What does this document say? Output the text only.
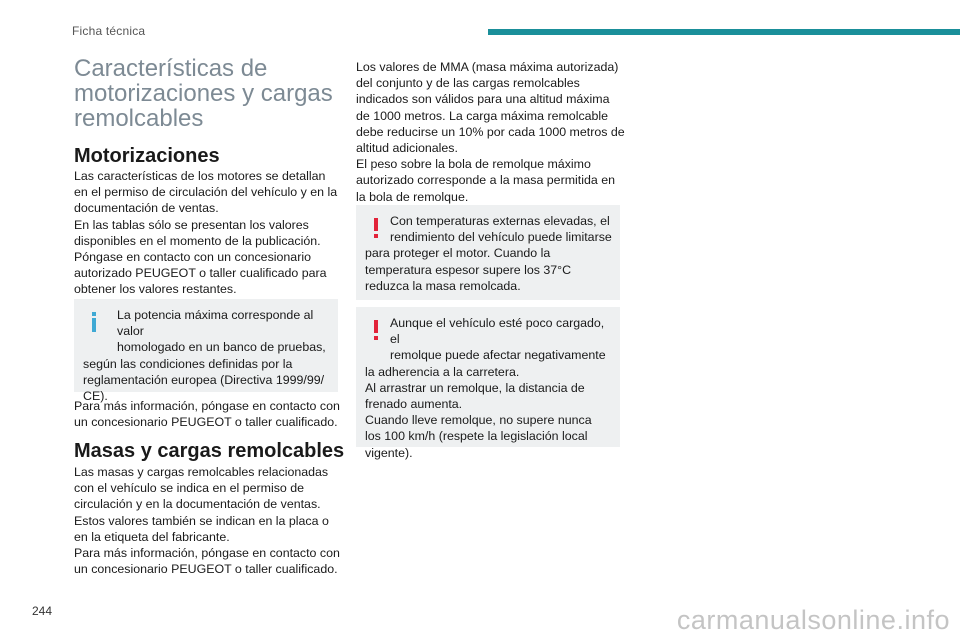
Ficha técnica
Características de
motorizaciones y cargas
remolcables
Motorizaciones

Las características de los motores se detallan
en el permiso de circulación del vehículo y en la
documentación de ventas.
En las tablas sólo se presentan los valores
disponibles en el momento de la publicación.
Póngase en contacto con un concesionario
autorizado PEUGEOT o taller cualificado para
obtener los valores restantes.

La potencia máxima corresponde al valor
homologado en un banco de pruebas,
según las condiciones definidas por la
reglamentación europea (Directiva 1999/99/
CE).

Para más información, póngase en contacto con
un concesionario PEUGEOT o taller cualificado.

Masas y cargas remolcables

Las masas y cargas remolcables relacionadas
con el vehículo se indica en el permiso de
circulación y en la documentación de ventas.
Estos valores también se indican en la placa o
en la etiqueta del fabricante.
Para más información, póngase en contacto con
un concesionario PEUGEOT o taller cualificado.

Los valores de MMA (masa máxima autorizada)
del conjunto y de las cargas remolcables
indicados son válidos para una altitud máxima
de 1000 metros. La carga máxima remolcable
debe reducirse un 10% por cada 1000 metros de
altitud adicionales.
El peso sobre la bola de remolque máximo
autorizado corresponde a la masa permitida en
la bola de remolque.

Con temperaturas externas elevadas, el
rendimiento del vehículo puede limitarse
para proteger el motor. Cuando la
temperatura espesor supere los 37°C
reduzca la masa remolcada.
Aunque el vehículo esté poco cargado, el
remolque puede afectar negativamente
la adherencia a la carretera.
Al arrastrar un remolque, la distancia de
frenado aumenta.
Cuando lleve remolque, no supere nunca
los 100 km/h (respete la legislación local
vigente).
244	carmanualsonline.info
